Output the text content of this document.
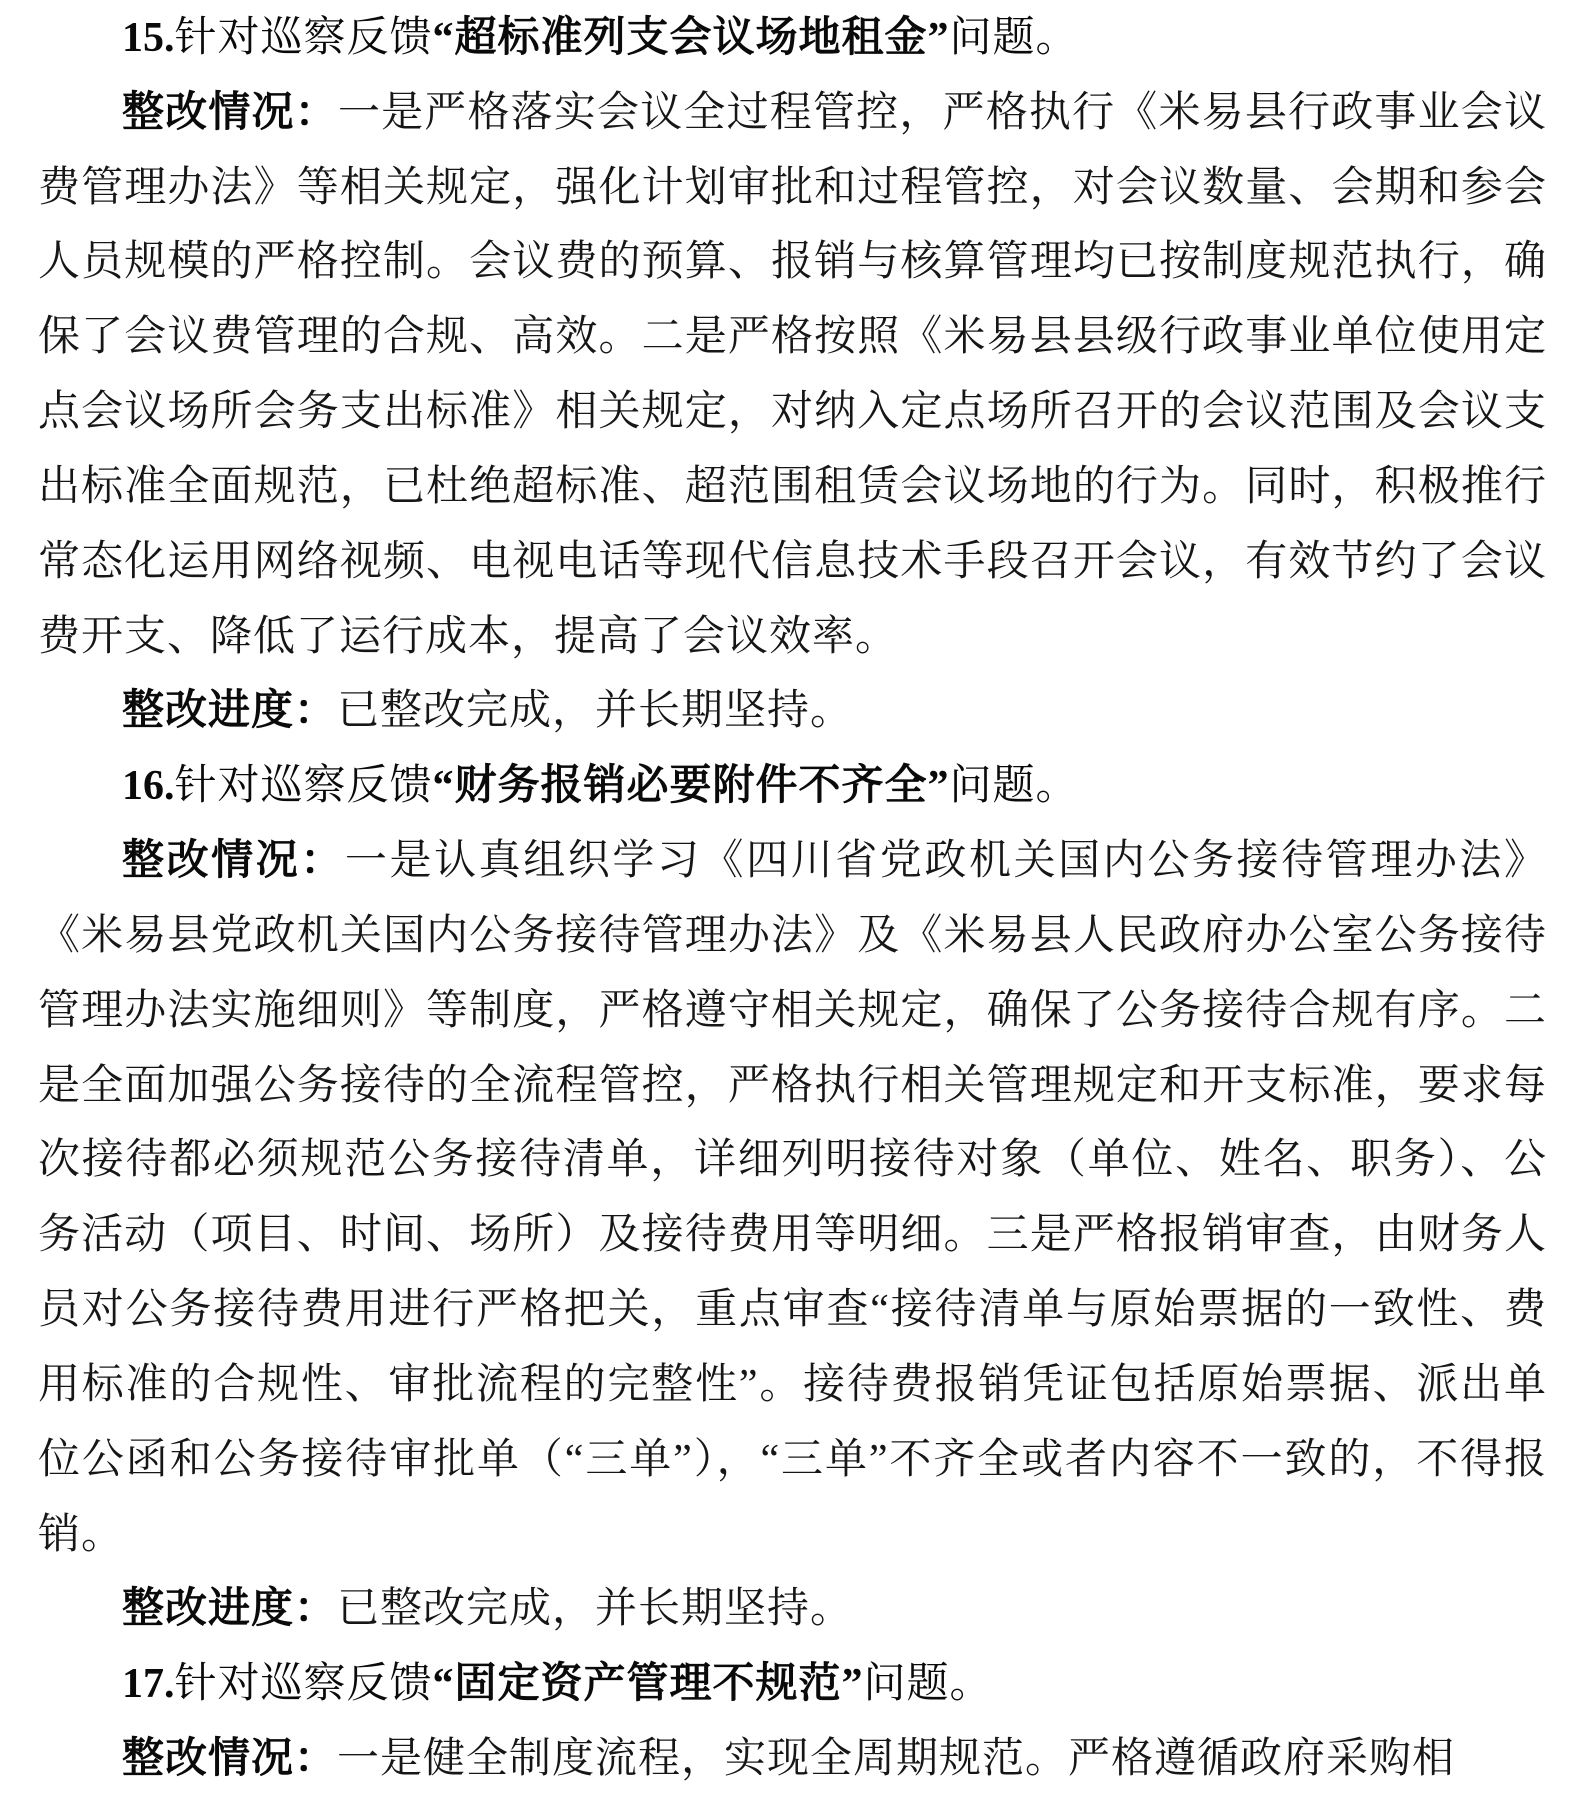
15.针对巡察反馈“超标准列支会议场地租金”问题。

整改情况：一是严格落实会议全过程管控，严格执行《米易县行政事业会议费管理办法》等相关规定，强化计划审批和过程管控，对会议数量、会期和参会人员规模的严格控制。会议费的预算、报销与核算管理均已按制度规范执行，确保了会议费管理的合规、高效。二是严格按照《米易县县级行政事业单位使用定点会议场所会务支出标准》相关规定，对纳入定点场所召开的会议范围及会议支出标准全面规范，已杜绝超标准、超范围租赁会议场地的行为。同时，积极推行常态化运用网络视频、电视电话等现代信息技术手段召开会议，有效节约了会议费开支、降低了运行成本，提高了会议效率。

整改进度：已整改完成，并长期坚持。

16.针对巡察反馈“财务报销必要附件不齐全”问题。

整改情况：一是认真组织学习《四川省党政机关国内公务接待管理办法》《米易县党政机关国内公务接待管理办法》及《米易县人民政府办公室公务接待管理办法实施细则》等制度，严格遵守相关规定，确保了公务接待合规有序。二是全面加强公务接待的全流程管控，严格执行相关管理规定和开支标准，要求每次接待都必须规范公务接待清单，详细列明接待对象（单位、姓名、职务）、公务活动（项目、时间、场所）及接待费用等明细。三是严格报销审查，由财务人员对公务接待费用进行严格把关，重点审查“接待清单与原始票据的一致性、费用标准的合规性、审批流程的完整性”。接待费报销凭证包括原始票据、派出单位公函和公务接待审批单（“三单”），“三单”不齐全或者内容不一致的，不得报销。

整改进度：已整改完成，并长期坚持。

17.针对巡察反馈“固定资产管理不规范”问题。

整改情况：一是健全制度流程，实现全周期规范。严格遵循政府采购相
